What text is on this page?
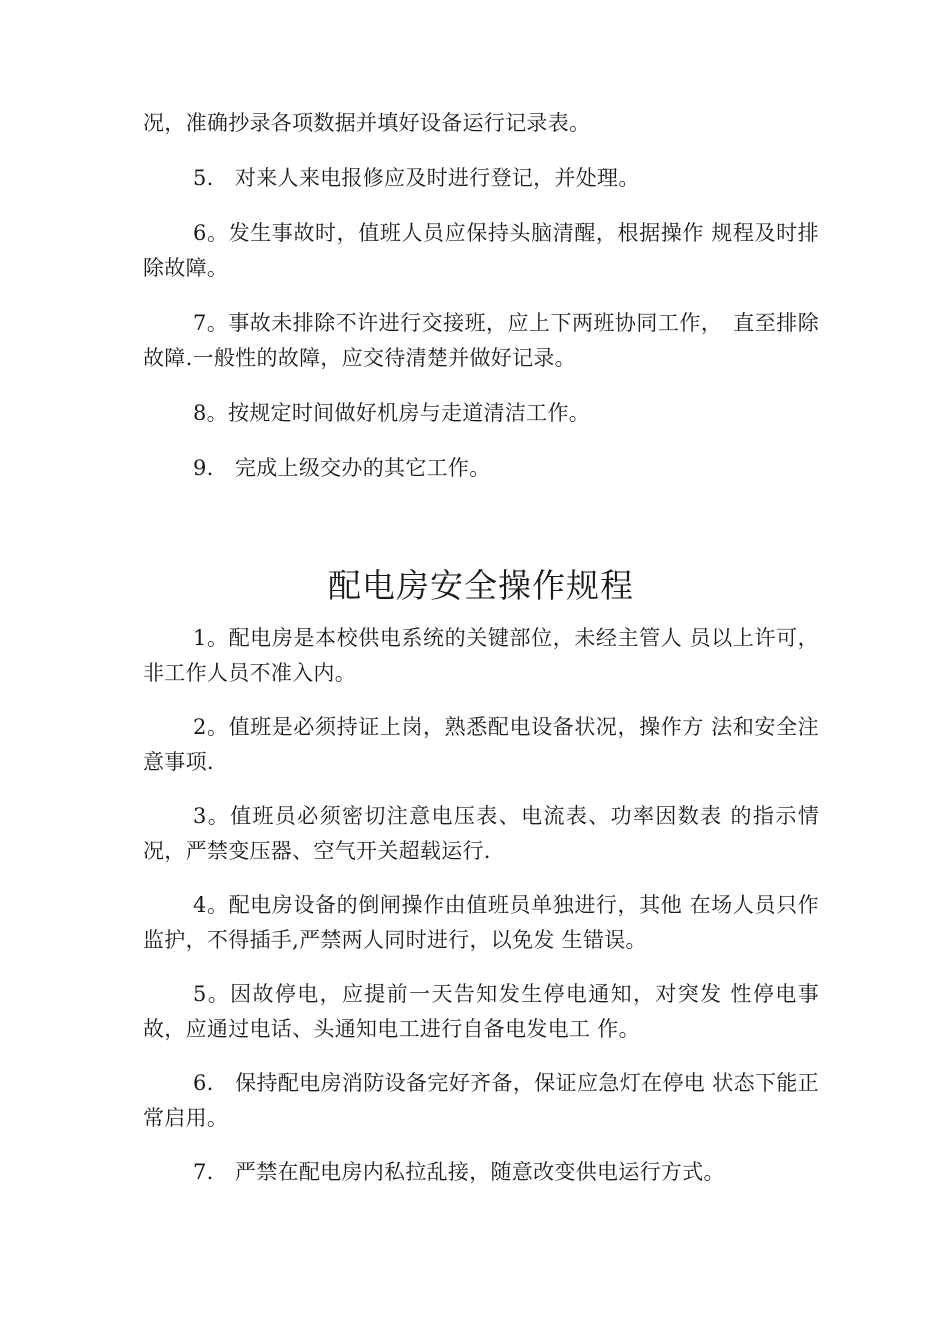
况，准确抄录各项数据并填好设备运行记录表。

5.　对来人来电报修应及时进行登记，并处理。

6。发生事故时，值班人员应保持头脑清醒，根据操作 规程及时排除故障。

7。事故未排除不许进行交接班，应上下两班协同工作，　直至排除故障.一般性的故障，应交待清楚并做好记录。

8。按规定时间做好机房与走道清洁工作。

9.　完成上级交办的其它工作。

配电房安全操作规程

1。配电房是本校供电系统的关键部位，未经主管人 员以上许可，非工作人员不准入内。

2。值班是必须持证上岗，熟悉配电设备状况，操作方 法和安全注意事项.

3。值班员必须密切注意电压表、电流表、功率因数表 的指示情况，严禁变压器、空气开关超载运行.

4。配电房设备的倒闸操作由值班员单独进行，其他 在场人员只作监护，不得插手,严禁两人同时进行，以免发 生错误。

5。因故停电，应提前一天告知发生停电通知，对突发 性停电事故，应通过电话、头通知电工进行自备电发电工 作。

6.　保持配电房消防设备完好齐备，保证应急灯在停电 状态下能正常启用。

7.　严禁在配电房内私拉乱接，随意改变供电运行方式。
